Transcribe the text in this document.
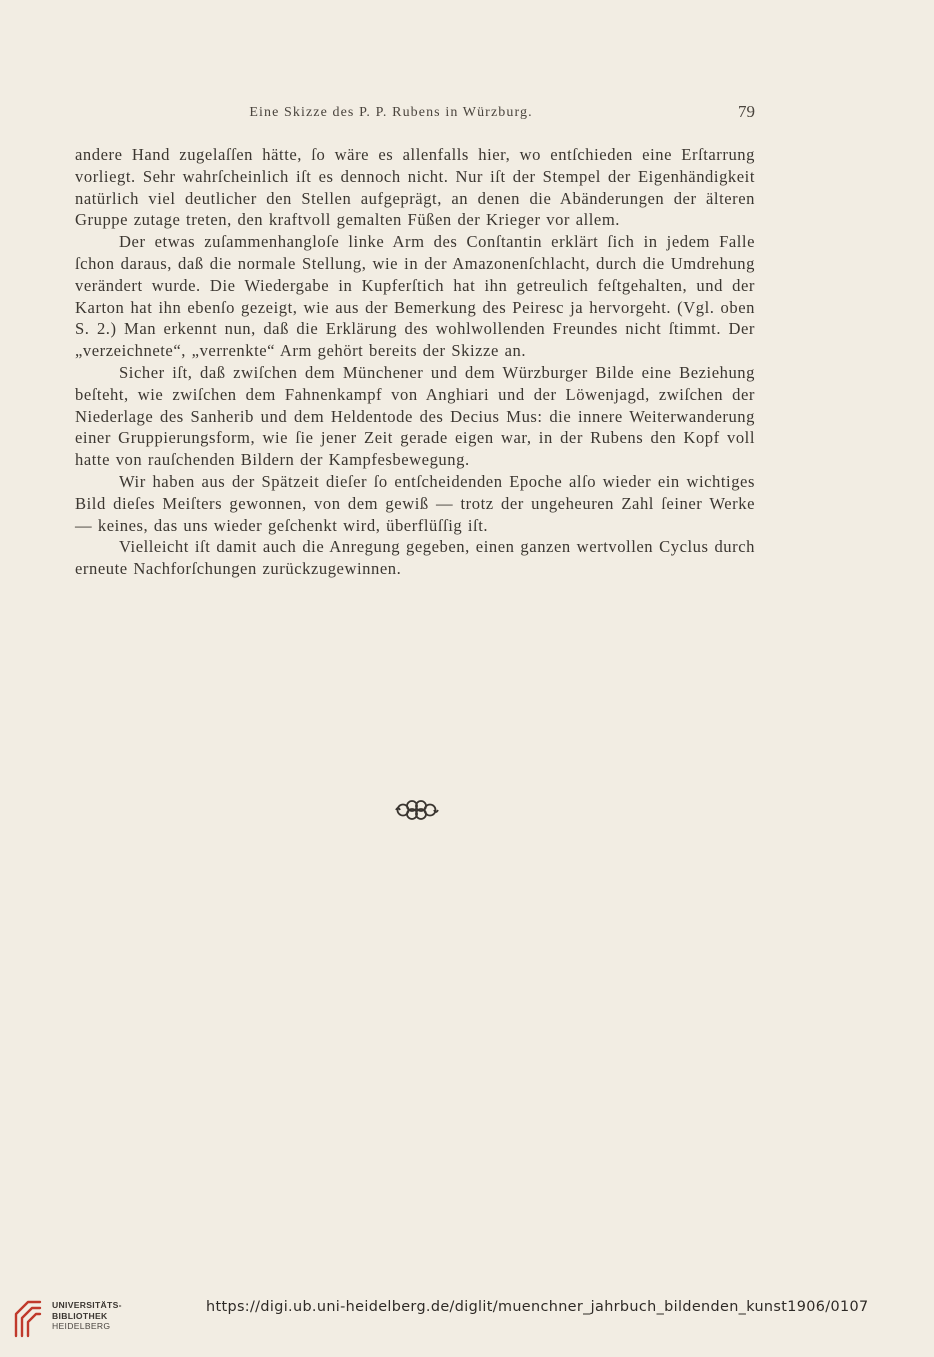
Eine Skizze des P. P. Rubens in Würzburg.	79

andere Hand zugelaſſen hätte, ſo wäre es allenfalls hier, wo entſchieden eine Erſtarrung vorliegt. Sehr wahrſcheinlich iſt es dennoch nicht. Nur iſt der Stempel der Eigenhändigkeit natürlich viel deutlicher den Stellen aufgeprägt, an denen die Abänderungen der älteren Gruppe zutage treten, den kraftvoll gemalten Füßen der Krieger vor allem.

Der etwas zuſammenhangloſe linke Arm des Conſtantin erklärt ſich in jedem Falle ſchon daraus, daß die normale Stellung, wie in der Amazonenſchlacht, durch die Umdrehung verändert wurde. Die Wiedergabe in Kupferſtich hat ihn getreulich feſtgehalten, und der Karton hat ihn ebenſo gezeigt, wie aus der Bemerkung des Peiresc ja hervorgeht. (Vgl. oben S. 2.) Man erkennt nun, daß die Erklärung des wohlwollenden Freundes nicht ſtimmt. Der „verzeichnete“, „verrenkte“ Arm gehört bereits der Skizze an.

Sicher iſt, daß zwiſchen dem Münchener und dem Würzburger Bilde eine Beziehung beſteht, wie zwiſchen dem Fahnenkampf von Anghiari und der Löwenjagd, zwiſchen der Niederlage des Sanherib und dem Heldentode des Decius Mus: die innere Weiterwanderung einer Gruppierungsform, wie ſie jener Zeit gerade eigen war, in der Rubens den Kopf voll hatte von rauſchenden Bildern der Kampfesbewegung.

Wir haben aus der Spätzeit dieſer ſo entſcheidenden Epoche alſo wieder ein wichtiges Bild dieſes Meiſters gewonnen, von dem gewiß — trotz der ungeheuren Zahl ſeiner Werke — keines, das uns wieder geſchenkt wird, überflüſſig iſt.

Vielleicht iſt damit auch die Anregung gegeben, einen ganzen wertvollen Cyclus durch erneute Nachforſchungen zurückzugewinnen.

UNIVERSITÄTS-
BIBLIOTHEK
HEIDELBERG
https://digi.ub.uni-heidelberg.de/diglit/muenchner_jahrbuch_bildenden_kunst1906/0107
